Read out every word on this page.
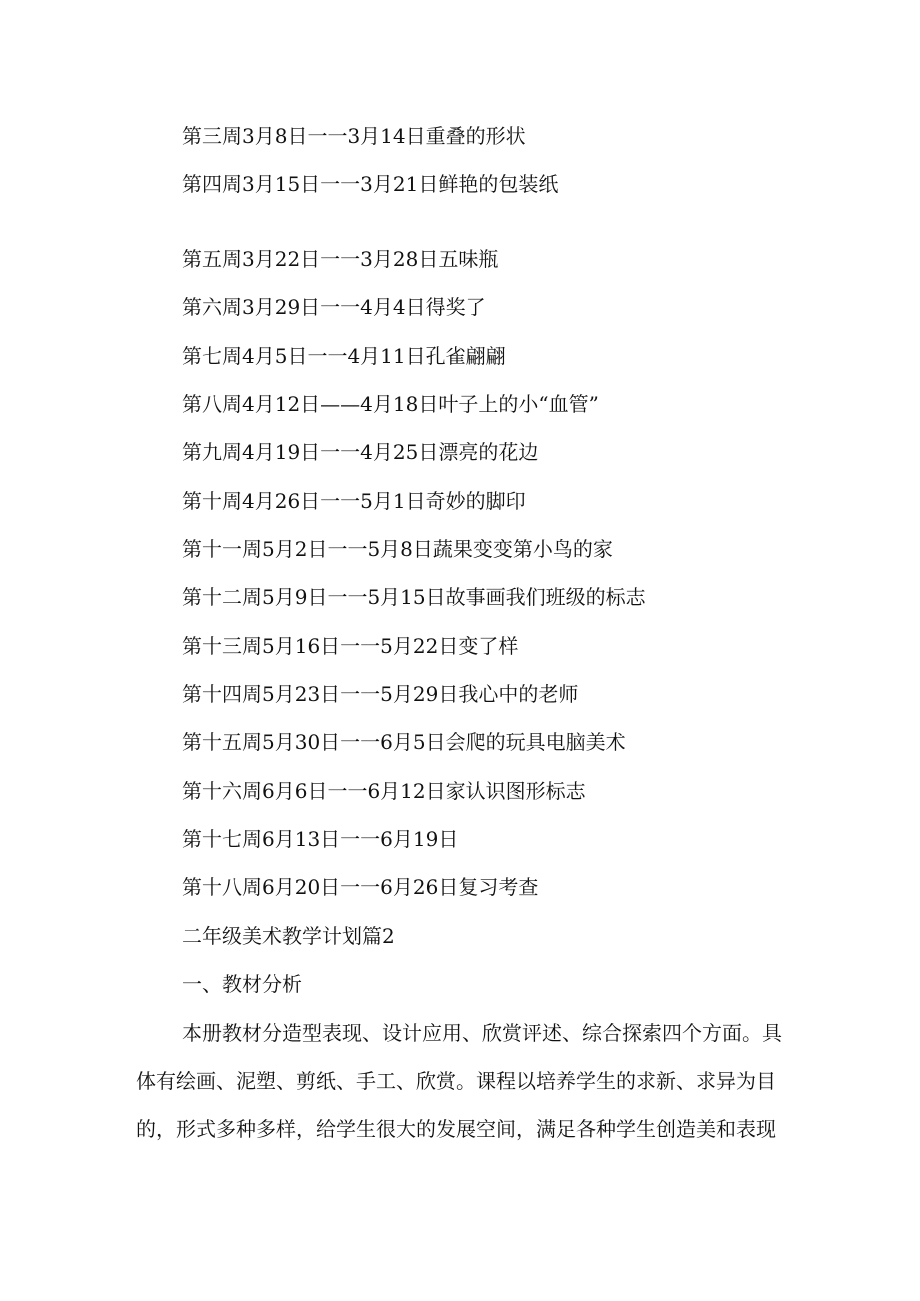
第三周3月8日一一3月14日重叠的形状
第四周3月15日一一3月21日鲜艳的包装纸
第五周3月22日一一3月28日五味瓶
第六周3月29日一一4月4日得奖了
第七周4月5日一一4月11日孔雀翩翩
第八周4月12日——4月18日叶子上的小“血管”
第九周4月19日一一4月25日漂亮的花边
第十周4月26日一一5月1日奇妙的脚印
第十一周5月2日一一5月8日蔬果变变第小鸟的家
第十二周5月9日一一5月15日故事画我们班级的标志
第十三周5月16日一一5月22日变了样
第十四周5月23日一一5月29日我心中的老师
第十五周5月30日一一6月5日会爬的玩具电脑美术
第十六周6月6日一一6月12日家认识图形标志
第十七周6月13日一一6月19日
第十八周6月20日一一6月26日复习考查
二年级美术教学计划篇2
一、教材分析
本册教材分造型表现、设计应用、欣赏评述、综合探索四个方面。具
体有绘画、泥塑、剪纸、手工、欣赏。课程以培养学生的求新、求异为目
的，形式多种多样，给学生很大的发展空间，满足各种学生创造美和表现
